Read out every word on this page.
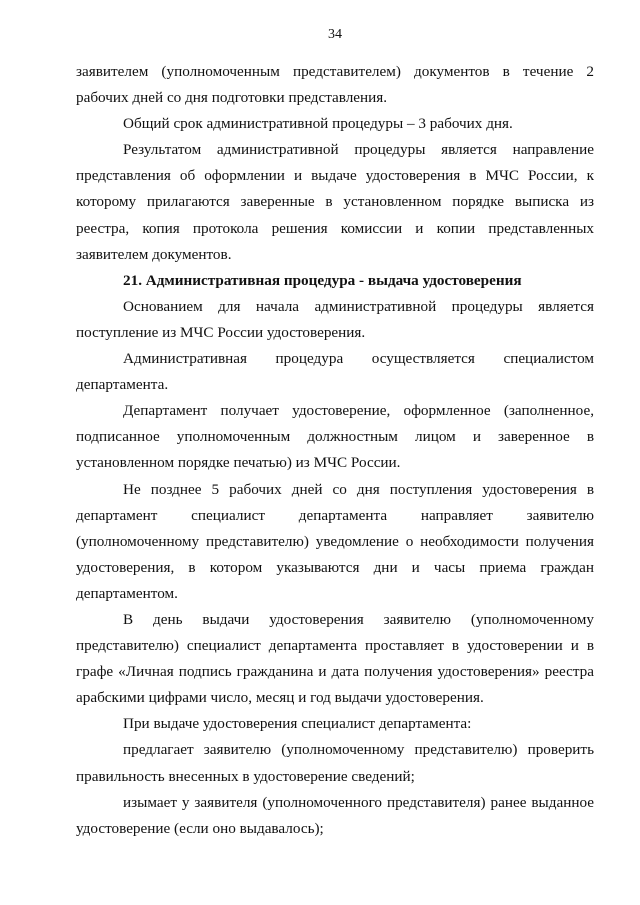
34

заявителем (уполномоченным представителем) документов в течение 2 рабочих дней со дня подготовки представления.

Общий срок административной процедуры – 3 рабочих дня.

Результатом административной процедуры является направление представления об оформлении и выдаче удостоверения в МЧС России, к которому прилагаются заверенные в установленном порядке выписка из реестра, копия протокола решения комиссии и копии представленных заявителем документов.

21. Административная процедура - выдача удостоверения

Основанием для начала административной процедуры является поступление из МЧС России удостоверения.

Административная процедура осуществляется специалистом департамента.

Департамент получает удостоверение, оформленное (заполненное, подписанное уполномоченным должностным лицом и заверенное в установленном порядке печатью) из МЧС России.

Не позднее 5 рабочих дней со дня поступления удостоверения в департамент специалист департамента направляет заявителю (уполномоченному представителю) уведомление о необходимости получения удостоверения, в котором указываются дни и часы приема граждан департаментом.

В день выдачи удостоверения заявителю (уполномоченному представителю) специалист департамента проставляет в удостоверении и в графе «Личная подпись гражданина и дата получения удостоверения» реестра арабскими цифрами число, месяц и год выдачи удостоверения.

При выдаче удостоверения специалист департамента:

предлагает заявителю (уполномоченному представителю) проверить правильность внесенных в удостоверение сведений;

изымает у заявителя (уполномоченного представителя) ранее выданное удостоверение (если оно выдавалось);
